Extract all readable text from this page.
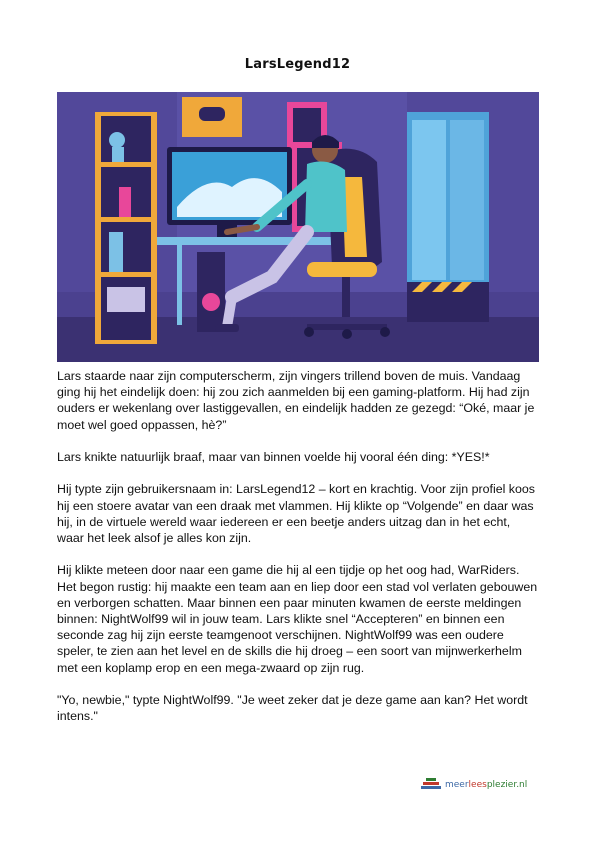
LarsLegend12

Lars staarde naar zijn computerscherm, zijn vingers trillend boven de muis. Vandaag ging hij het eindelijk doen: hij zou zich aanmelden bij een gaming-platform. Hij had zijn ouders er wekenlang over lastiggevallen, en eindelijk hadden ze gezegd: “Oké, maar je moet wel goed oppassen, hè?”

Lars knikte natuurlijk braaf, maar van binnen voelde hij vooral één ding: *YES!*

Hij typte zijn gebruikersnaam in: LarsLegend12 – kort en krachtig. Voor zijn profiel koos hij een stoere avatar van een draak met vlammen. Hij klikte op “Volgende” en daar was hij, in de virtuele wereld waar iedereen er een beetje anders uitzag dan in het echt, waar het leek alsof je alles kon zijn.

Hij klikte meteen door naar een game die hij al een tijdje op het oog had, WarRiders. Het begon rustig: hij maakte een team aan en liep door een stad vol verlaten gebouwen en verborgen schatten. Maar binnen een paar minuten kwamen de eerste meldingen binnen: NightWolf99 wil in jouw team. Lars klikte snel “Accepteren” en binnen een seconde zag hij zijn eerste teamgenoot verschijnen. NightWolf99 was een oudere speler, te zien aan het level en de skills die hij droeg – een soort van mijnwerkerhelm met een koplamp erop en een mega-zwaard op zijn rug.

"Yo, newbie," typte NightWolf99. "Je weet zeker dat je deze game aan kan? Het wordt intens."

meerleesplezier.nl
